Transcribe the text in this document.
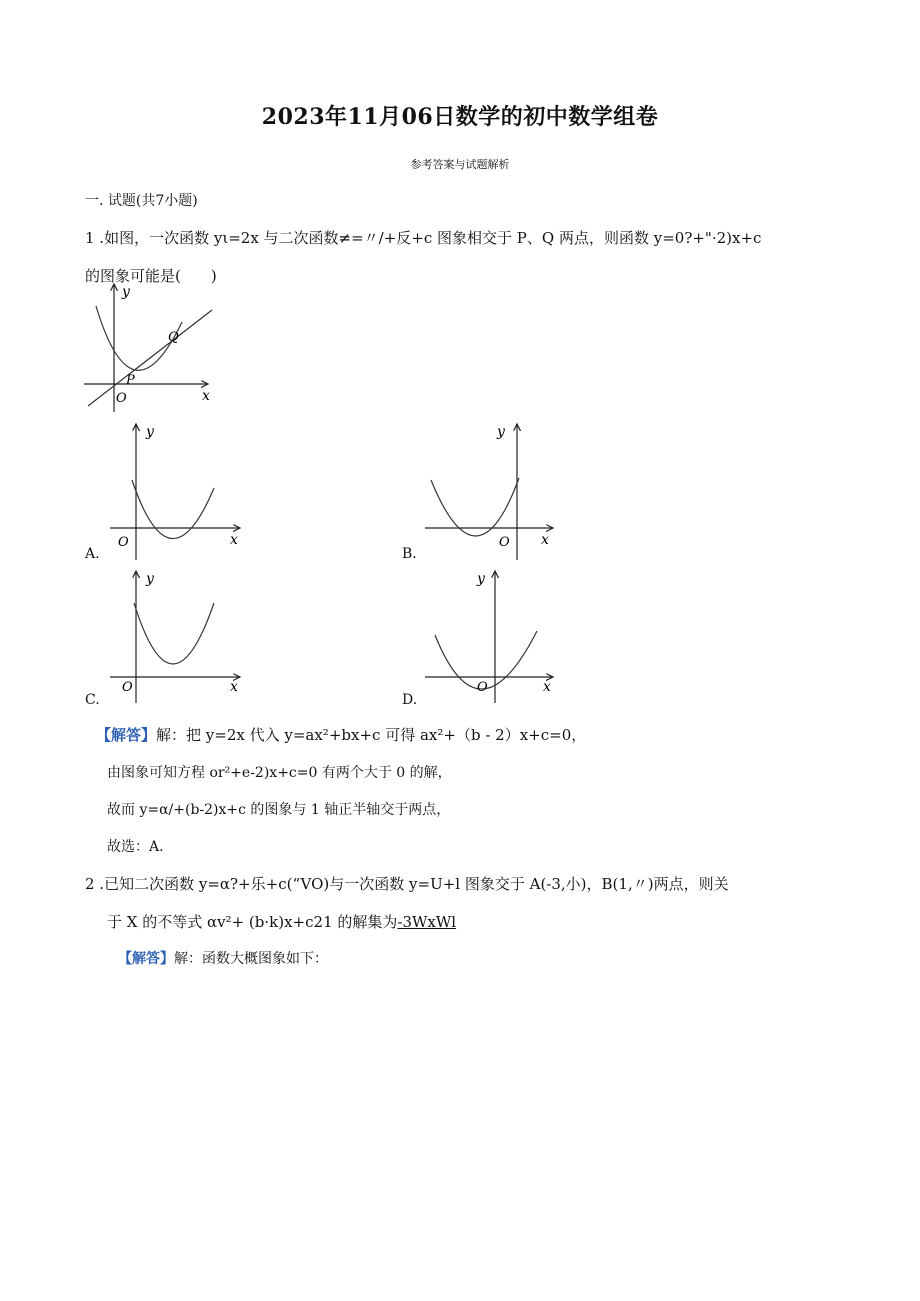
2023年11月06日数学的初中数学组卷
参考答案与试题解析
一. 试题(共7小题)
1 .如图，一次函数 yι=2x 与二次函数≠=〃/+反+c 图象相交于 P、Q 两点，则函数 y=0?+"·2)x+c
的图象可能是(　　)
y
x
O
P
Q
y
x
O
A.
y
x
O
B.
y
x
O
C.
y
x
O
D.
【解答】解：把 y=2x 代入 y=ax²+bx+c 可得 ax²+（b - 2）x+c=0，
由图象可知方程 or²+e-2)x+c=0 有两个大于 0 的解，
故而 y=α/+(b-2)x+c 的图象与 1 轴正半轴交于两点，
故选：A.
2 .已知二次函数 y=α?+乐+c(“VO)与一次函数 y=U+l 图象交于 A(-3,小)，B(1,〃)两点，则关
于 X 的不等式 αv²+ (b·k)x+c21 的解集为-3WxWl
【解答】解：函数大概图象如下：
